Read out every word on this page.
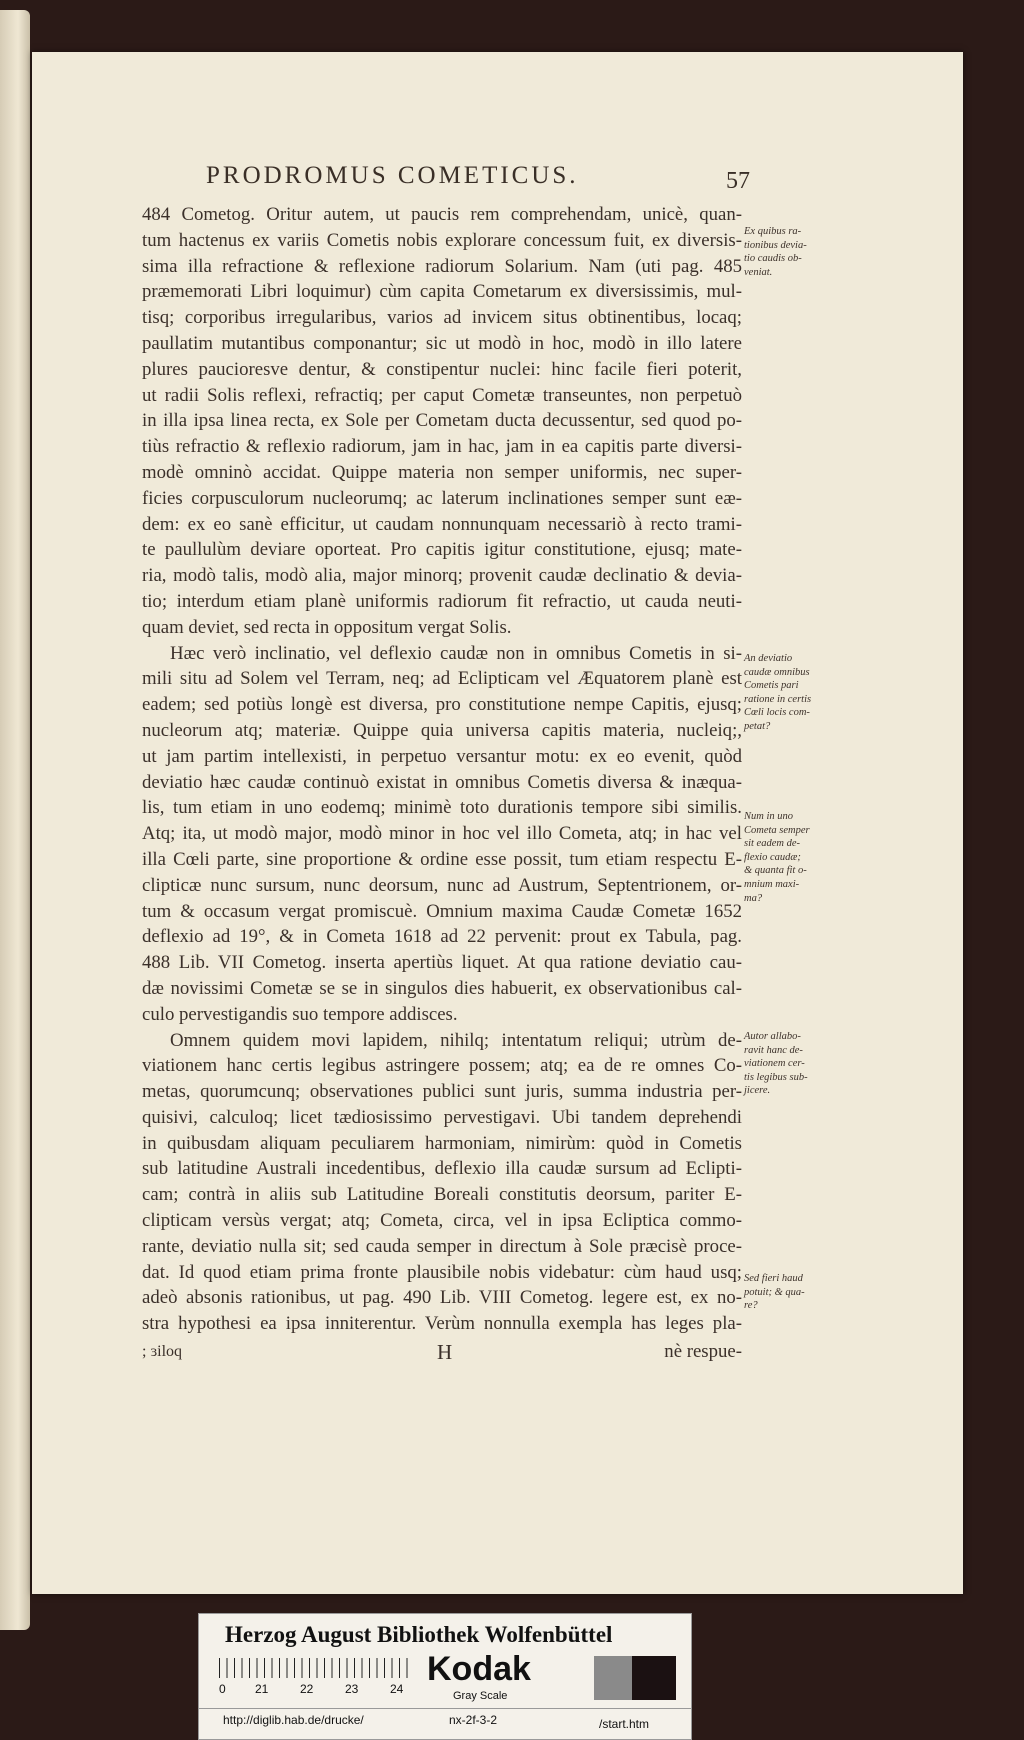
PRODROMUS COMETICUS.	57
484 Cometog. Oritur autem, ut paucis rem comprehendam, unicè, quan-
tum hactenus ex variis Cometis nobis explorare concessum fuit, ex diversis-
sima illa refractione & reflexione radiorum Solarium. Nam (uti pag. 485
præmemorati Libri loquimur) cùm capita Cometarum ex diversissimis, mul-
tisq; corporibus irregularibus, varios ad invicem situs obtinentibus, locaq;
paullatim mutantibus componantur; sic ut modò in hoc, modò in illo latere
plures paucioresve dentur, & constipentur nuclei: hinc facile fieri poterit,
ut radii Solis reflexi, refractiq; per caput Cometæ transeuntes, non perpetuò
in illa ipsa linea recta, ex Sole per Cometam ducta decussentur, sed quod po-
tiùs refractio & reflexio radiorum, jam in hac, jam in ea capitis parte diversi-
modè omninò accidat. Quippe materia non semper uniformis, nec super-
ficies corpusculorum nucleorumq; ac laterum inclinationes semper sunt eæ-
dem: ex eo sanè efficitur, ut caudam nonnunquam necessariò à recto trami-
te paullulùm deviare oporteat. Pro capitis igitur constitutione, ejusq; mate-
ria, modò talis, modò alia, major minorq; provenit caudæ declinatio & devia-
tio; interdum etiam planè uniformis radiorum fit refractio, ut cauda neuti-
quam deviet, sed recta in oppositum vergat Solis.
Hæc verò inclinatio, vel deflexio caudæ non in omnibus Cometis in si-
mili situ ad Solem vel Terram, neq; ad Eclipticam vel Æquatorem planè est
eadem; sed potiùs longè est diversa, pro constitutione nempe Capitis, ejusq;
nucleorum atq; materiæ. Quippe quia universa capitis materia, nucleiq;,
ut jam partim intellexisti, in perpetuo versantur motu: ex eo evenit, quòd
deviatio hæc caudæ continuò existat in omnibus Cometis diversa & inæqua-
lis, tum etiam in uno eodemq; minimè toto durationis tempore sibi similis.
Atq; ita, ut modò major, modò minor in hoc vel illo Cometa, atq; in hac vel
illa Cœli parte, sine proportione & ordine esse possit, tum etiam respectu E-
clipticæ nunc sursum, nunc deorsum, nunc ad Austrum, Septentrionem, or-
tum & occasum vergat promiscuè. Omnium maxima Caudæ Cometæ 1652
deflexio ad 19°, & in Cometa 1618 ad 22 pervenit: prout ex Tabula, pag.
488 Lib. VII Cometog. inserta apertiùs liquet. At qua ratione deviatio cau-
dæ novissimi Cometæ se se in singulos dies habuerit, ex observationibus cal-
culo pervestigandis suo tempore addisces.
Omnem quidem movi lapidem, nihilq; intentatum reliqui; utrùm de-
viationem hanc certis legibus astringere possem; atq; ea de re omnes Co-
metas, quorumcunq; observationes publici sunt juris, summa industria per-
quisivi, calculoq; licet tædiosissimo pervestigavi. Ubi tandem deprehendi
in quibusdam aliquam peculiarem harmoniam, nimirùm: quòd in Cometis
sub latitudine Australi incedentibus, deflexio illa caudæ sursum ad Eclipti-
cam; contrà in aliis sub Latitudine Boreali constitutis deorsum, pariter E-
clipticam versùs vergat; atq; Cometa, circa, vel in ipsa Ecliptica commo-
rante, deviatio nulla sit; sed cauda semper in directum à Sole præcisè proce-
dat. Id quod etiam prima fronte plausibile nobis videbatur: cùm haud usq;
adeò absonis rationibus, ut pag. 490 Lib. VIII Cometog. legere est, ex no-
stra hypothesi ea ipsa inniterentur. Verùm nonnulla exempla has leges pla-
; ɜiloq	H	nè respue-
Ex quibus ra-
tionibus devia-
tio caudis ob-
veniat.
An deviatio
caudæ omnibus
Cometis pari
ratione in certis
Cœli locis com-
petat?
Num in uno
Cometa semper
sit eadem de-
flexio caudæ;
& quanta fit o-
mnium maxi-
ma?
Autor allabo-
ravit hanc de-
viationem cer-
tis legibus sub-
jicere.
Sed fieri haud
potuit; & qua-
re?
Herzog August Bibliothek Wolfenbüttel
0 21	22	23	24
Kodak
Gray Scale
http://diglib.hab.de/drucke/	nx-2f-3-2	/start.htm
